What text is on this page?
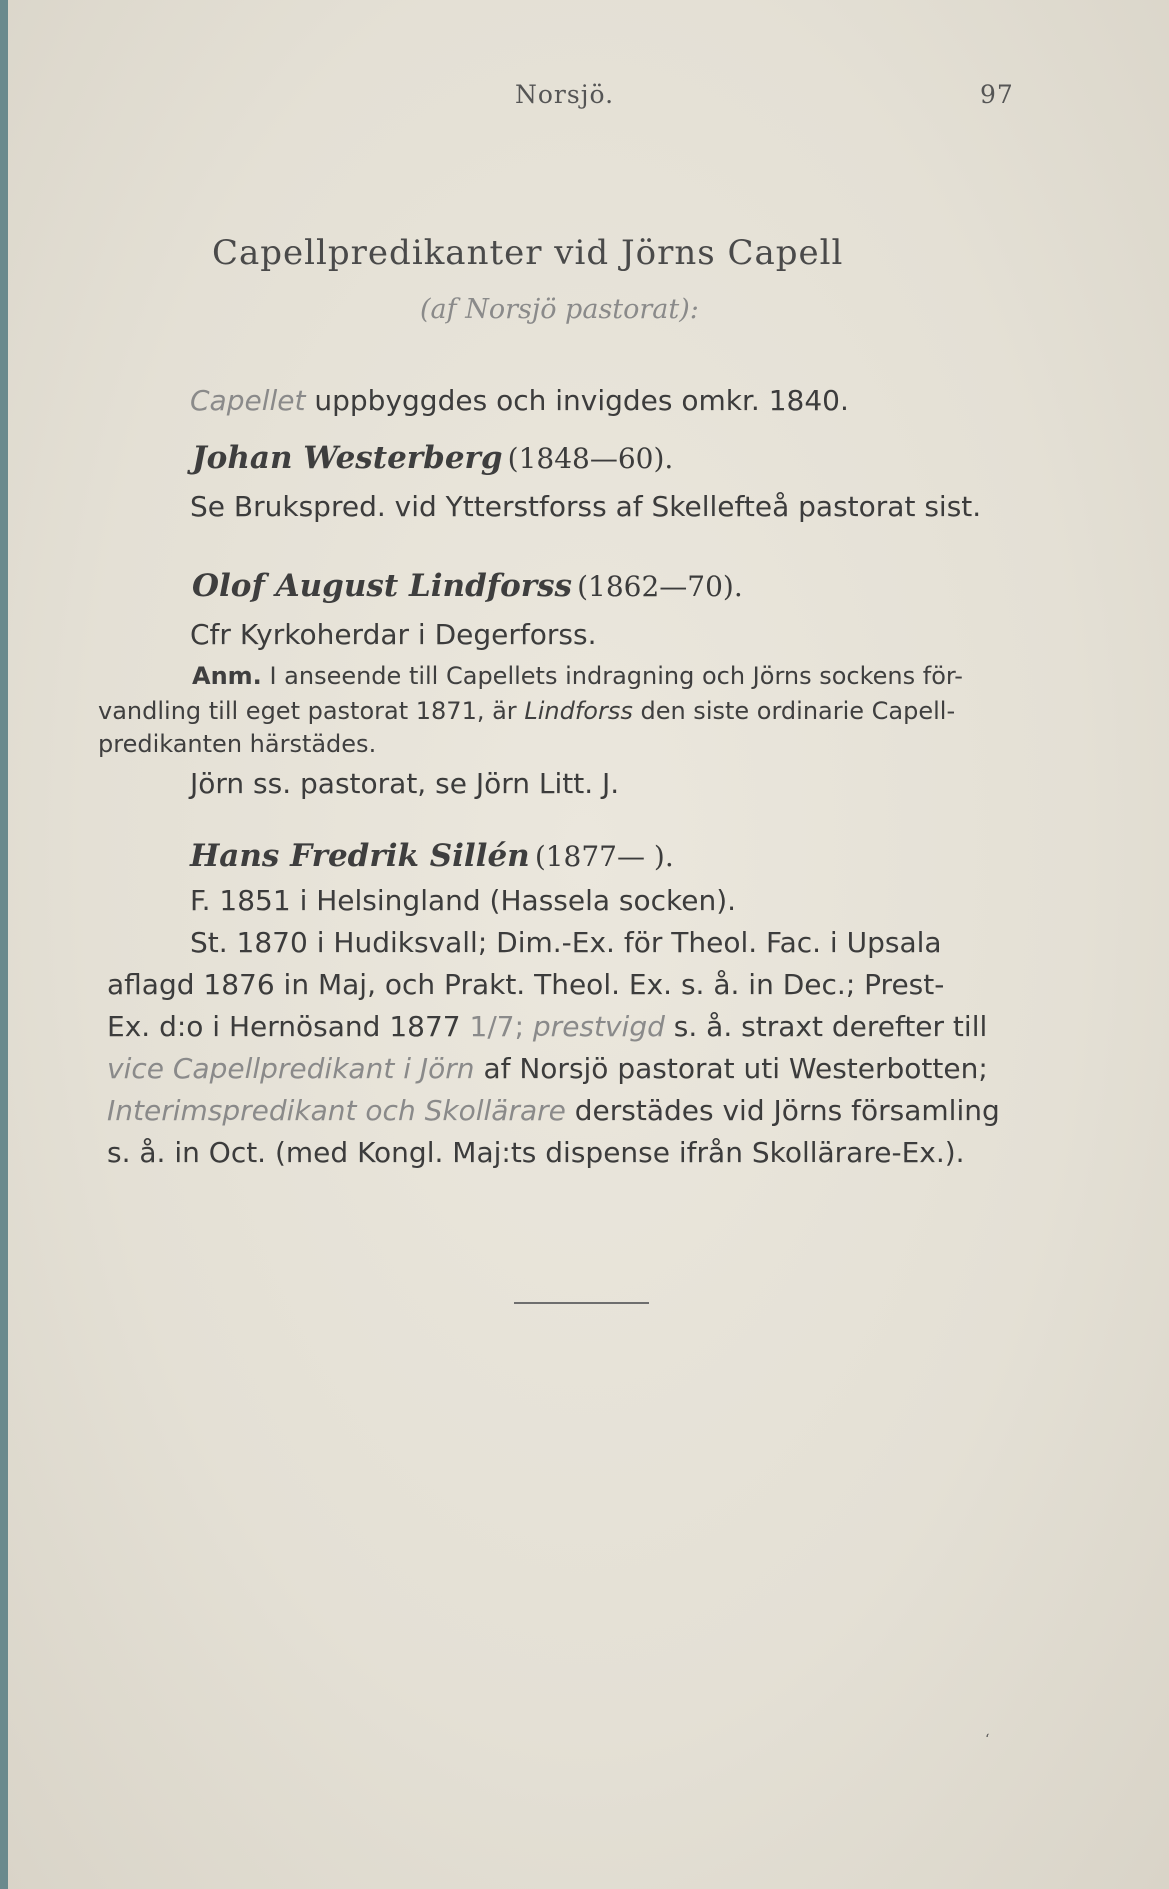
Norsjö.	97
Capellpredikanter vid Jörns Capell
(af Norsjö pastorat):
Capellet uppbyggdes och invigdes omkr. 1840.
Johan Westerberg (1848—60).
Se Brukspred. vid Ytterstforss af Skellefteå pastorat sist.
Olof August Lindforss (1862—70).
Cfr Kyrkoherdar i Degerforss.
Anm. I anseende till Capellets indragning och Jörns sockens för-
vandling till eget pastorat 1871, är Lindforss den siste ordinarie Capell-
predikanten härstädes.
Jörn ss. pastorat, se Jörn Litt. J.
Hans Fredrik Sillén (1877— ).
F. 1851 i Helsingland (Hassela socken).
St. 1870 i Hudiksvall; Dim.-Ex. för Theol. Fac. i Upsala
aflagd 1876 in Maj, och Prakt. Theol. Ex. s. å. in Dec.; Prest-
Ex. d:o i Hernösand 1877 1/7; prestvigd s. å. straxt derefter till
vice Capellpredikant i Jörn af Norsjö pastorat uti Westerbotten;
Interimspredikant och Skollärare derstädes vid Jörns församling
s. å. in Oct. (med Kongl. Maj:ts dispense ifrån Skollärare-Ex.).
‘
